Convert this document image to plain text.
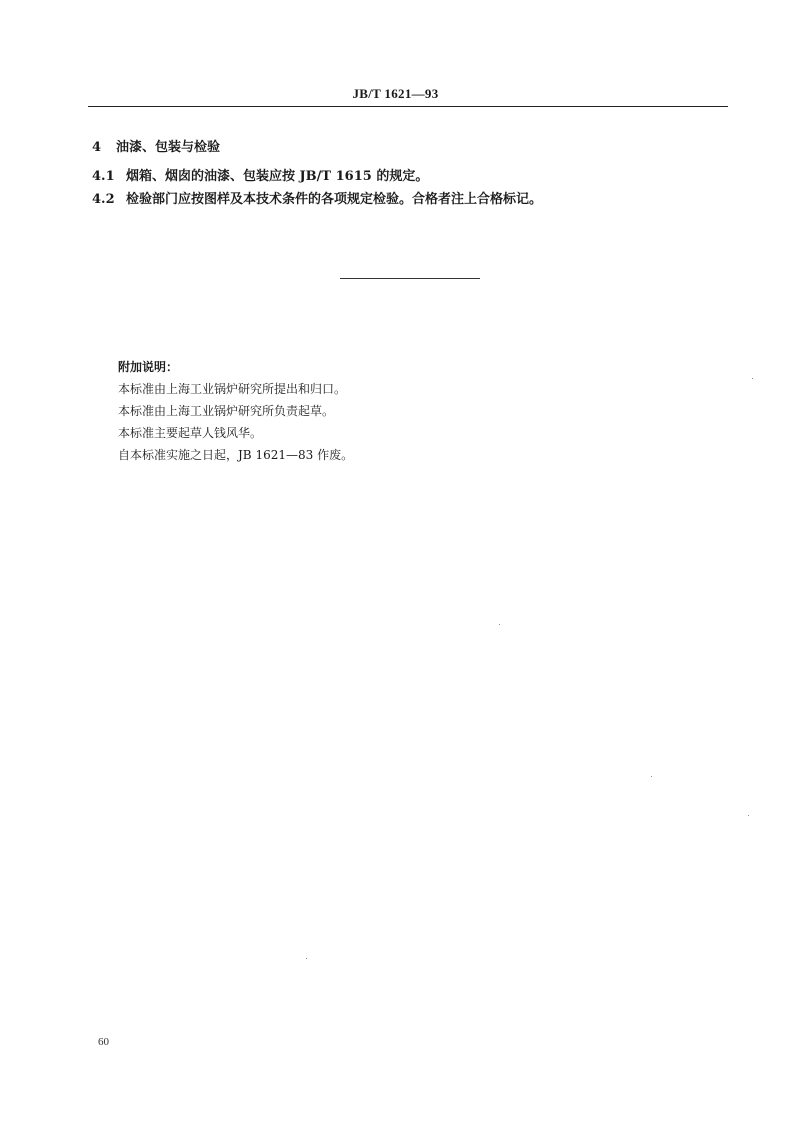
JB/T 1621—93
4 油漆、包装与检验
4.1 烟箱、烟囱的油漆、包装应按 JB/T 1615 的规定。
4.2 检验部门应按图样及本技术条件的各项规定检验。合格者注上合格标记。
附加说明：
本标准由上海工业锅炉研究所提出和归口。
本标准由上海工业锅炉研究所负责起草。
本标准主要起草人钱风华。
自本标准实施之日起，JB 1621—83 作废。
60
